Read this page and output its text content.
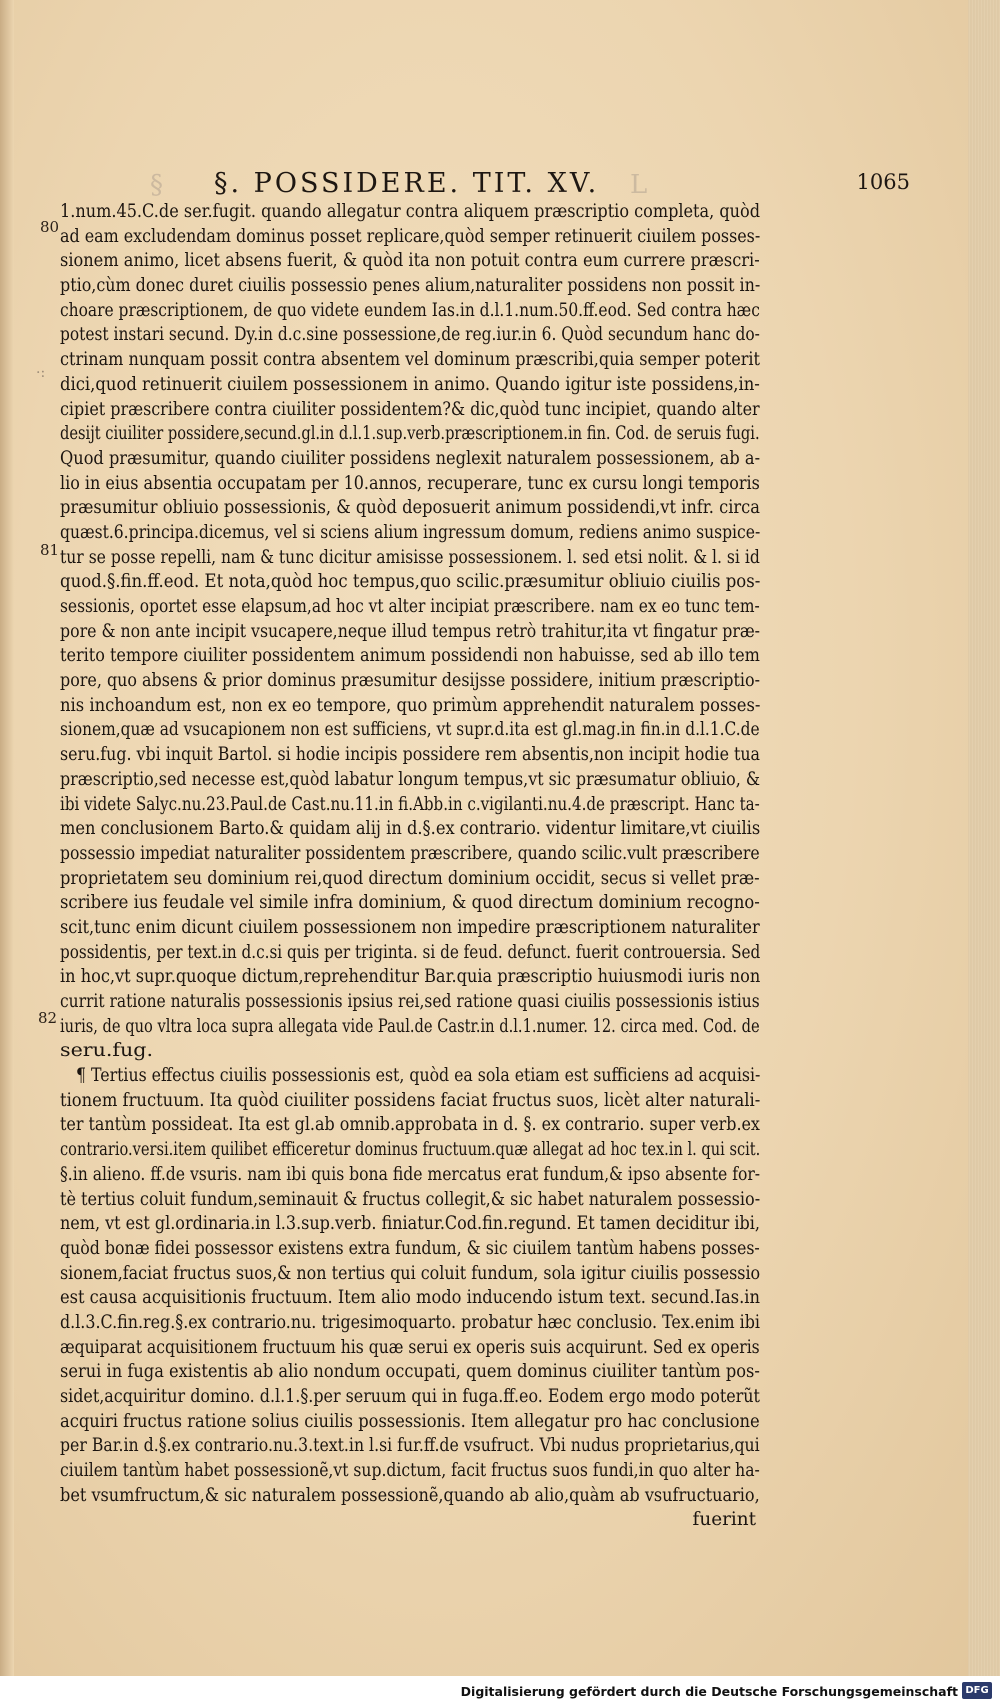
§ §. POSSIDERE. TIT. XV. L	1065
80
·:
81
82
1.num.45.C.de ser.fugit. quando allegatur contra aliquem præscriptio completa, quòd
ad eam excludendam dominus posset replicare,quòd semper retinuerit ciuilem posses-
sionem animo, licet absens fuerit, & quòd ita non potuit contra eum currere præscri-
ptio,cùm donec duret ciuilis possessio penes alium,naturaliter possidens non possit in-
choare præscriptionem, de quo videte eundem Ias.in d.l.1.num.50.ff.eod. Sed contra hæc
potest instari secund. Dy.in d.c.sine possessione,de reg.iur.in 6. Quòd secundum hanc do-
ctrinam nunquam possit contra absentem vel dominum præscribi,quia semper poterit
dici,quod retinuerit ciuilem possessionem in animo. Quando igitur iste possidens,in-
cipiet præscribere contra ciuiliter possidentem?& dic,quòd tunc incipiet, quando alter
desijt ciuiliter possidere,secund.gl.in d.l.1.sup.verb.præscriptionem.in fin. Cod. de seruis fugi.
Quod præsumitur, quando ciuiliter possidens neglexit naturalem possessionem, ab a-
lio in eius absentia occupatam per 10.annos, recuperare, tunc ex cursu longi temporis
præsumitur obliuio possessionis, & quòd deposuerit animum possidendi,vt infr. circa
quæst.6.principa.dicemus, vel si sciens alium ingressum domum, rediens animo suspice-
tur se posse repelli, nam & tunc dicitur amisisse possessionem. l. sed etsi nolit. & l. si id
quod.§.fin.ff.eod. Et nota,quòd hoc tempus,quo scilic.præsumitur obliuio ciuilis pos-
sessionis, oportet esse elapsum,ad hoc vt alter incipiat præscribere. nam ex eo tunc tem-
pore & non ante incipit vsucapere,neque illud tempus retrò trahitur,ita vt fingatur præ-
terito tempore ciuiliter possidentem animum possidendi non habuisse, sed ab illo tem
pore, quo absens & prior dominus præsumitur desijsse possidere, initium præscriptio-
nis inchoandum est, non ex eo tempore, quo primùm apprehendit naturalem posses-
sionem,quæ ad vsucapionem non est sufficiens, vt supr.d.ita est gl.mag.in fin.in d.l.1.C.de
seru.fug. vbi inquit Bartol. si hodie incipis possidere rem absentis,non incipit hodie tua
præscriptio,sed necesse est,quòd labatur longum tempus,vt sic præsumatur obliuio, &
ibi videte Salyc.nu.23.Paul.de Cast.nu.11.in fi.Abb.in c.vigilanti.nu.4.de præscript. Hanc ta-
men conclusionem Barto.& quidam alij in d.§.ex contrario. videntur limitare,vt ciuilis
possessio impediat naturaliter possidentem præscribere, quando scilic.vult præscribere
proprietatem seu dominium rei,quod directum dominium occidit, secus si vellet præ-
scribere ius feudale vel simile infra dominium, & quod directum dominium recogno-
scit,tunc enim dicunt ciuilem possessionem non impedire præscriptionem naturaliter
possidentis, per text.in d.c.si quis per triginta. si de feud. defunct. fuerit controuersia. Sed
in hoc,vt supr.quoque dictum,reprehenditur Bar.quia præscriptio huiusmodi iuris non
currit ratione naturalis possessionis ipsius rei,sed ratione quasi ciuilis possessionis istius
iuris, de quo vltra loca supra allegata vide Paul.de Castr.in d.l.1.numer. 12. circa med. Cod. de
seru.fug.
¶ Tertius effectus ciuilis possessionis est, quòd ea sola etiam est sufficiens ad acquisi-
tionem fructuum. Ita quòd ciuiliter possidens faciat fructus suos, licèt alter naturali-
ter tantùm possideat. Ita est gl.ab omnib.approbata in d. §. ex contrario. super verb.ex
contrario.versi.item quilibet efficeretur dominus fructuum.quæ allegat ad hoc tex.in l. qui scit.
§.in alieno. ff.de vsuris. nam ibi quis bona fide mercatus erat fundum,& ipso absente for-
tè tertius coluit fundum,seminauit & fructus collegit,& sic habet naturalem possessio-
nem, vt est gl.ordinaria.in l.3.sup.verb. finiatur.Cod.fin.regund. Et tamen deciditur ibi,
quòd bonæ fidei possessor existens extra fundum, & sic ciuilem tantùm habens posses-
sionem,faciat fructus suos,& non tertius qui coluit fundum, sola igitur ciuilis possessio
est causa acquisitionis fructuum. Item alio modo inducendo istum text. secund.Ias.in
d.l.3.C.fin.reg.§.ex contrario.nu. trigesimoquarto. probatur hæc conclusio. Tex.enim ibi
æquiparat acquisitionem fructuum his quæ serui ex operis suis acquirunt. Sed ex operis
serui in fuga existentis ab alio nondum occupati, quem dominus ciuiliter tantùm pos-
sidet,acquiritur domino. d.l.1.§.per seruum qui in fuga.ff.eo. Eodem ergo modo poterũt
acquiri fructus ratione solius ciuilis possessionis. Item allegatur pro hac conclusione
per Bar.in d.§.ex contrario.nu.3.text.in l.si fur.ff.de vsufruct. Vbi nudus proprietarius,qui
ciuilem tantùm habet possessionẽ,vt sup.dictum, facit fructus suos fundi,in quo alter ha-
bet vsumfructum,& sic naturalem possessionẽ,quando ab alio,quàm ab vsufructuario,
fuerint
Digitalisierung gefördert durch die Deutsche Forschungsgemeinschaft DFG
